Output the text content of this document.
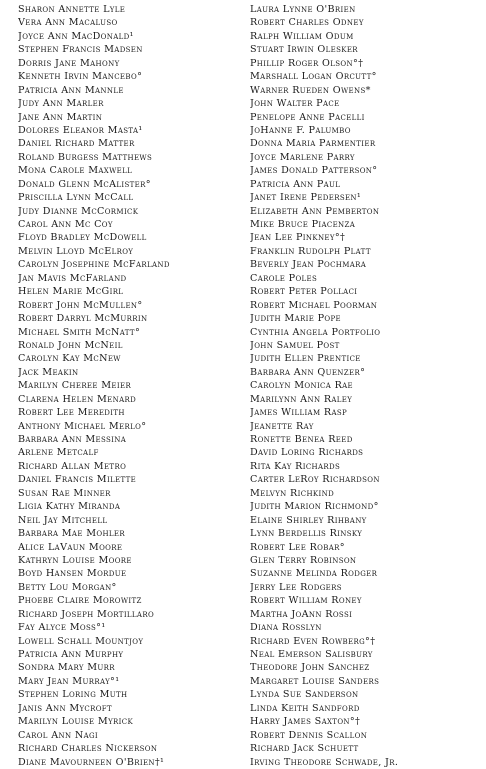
Sharon Annette Lyle
Vera Ann Macaluso
Joyce Ann MacDonald¹
Stephen Francis Madsen
Dorris Jane Mahony
Kenneth Irvin Mancebo°
Patricia Ann Mannle
Judy Ann Marler
Jane Ann Martin
Dolores Eleanor Masta¹
Daniel Richard Matter
Roland Burgess Matthews
Mona Carole Maxwell
Donald Glenn McAlister°
Priscilla Lynn McCall
Judy Dianne McCormick
Carol Ann Mc Coy
Floyd Bradley McDowell
Melvin Lloyd McElroy
Carolyn Josephine McFarland
Jan Mavis McFarland
Helen Marie McGirl
Robert John McMullen°
Robert Darryl McMurrin
Michael Smith McNatt°
Ronald John McNeil
Carolyn Kay McNew
Jack Meakin
Marilyn Cheree Meier
Clarena Helen Menard
Robert Lee Meredith
Anthony Michael Merlo°
Barbara Ann Messina
Arlene Metcalf
Richard Allan Metro
Daniel Francis Milette
Susan Rae Minner
Ligia Kathy Miranda
Neil Jay Mitchell
Barbara Mae Mohler
Alice LaVaun Moore
Kathryn Louise Moore
Boyd Hansen Mordue
Betty Lou Morgan°
Phoebe Claire Morowitz
Richard Joseph Mortillaro
Fay Alyce Moss°¹
Lowell Schall Mountjoy
Patricia Ann Murphy
Sondra Mary Murr
Mary Jean Murray°¹
Stephen Loring Muth
Janis Ann Mycroft
Marilyn Louise Myrick
Carol Ann Nagi
Richard Charles Nickerson
Diane Mavourneen O'Brien†¹
Laura Lynne O'Brien
Robert Charles Odney
Ralph William Odum
Stuart Irwin Olesker
Phillip Roger Olson°†
Marshall Logan Orcutt°
Warner Rueden Owens*
John Walter Pace
Penelope Anne Pacelli
JoHanne F. Palumbo
Donna Maria Parmentier
Joyce Marlene Parry
James Donald Patterson°
Patricia Ann Paul
Janet Irene Pedersen¹
Elizabeth Ann Pemberton
Mike Bruce Piacenza
Jean Lee Pinkney°†
Franklin Rudolph Platt
Beverly Jean Pochmara
Carole Poles
Robert Peter Pollaci
Robert Michael Poorman
Judith Marie Pope
Cynthia Angela Portfolio
John Samuel Post
Judith Ellen Prentice
Barbara Ann Quenzer°
Carolyn Monica Rae
Marilynn Ann Raley
James William Rasp
Jeanette Ray
Ronette Benea Reed
David Loring Richards
Rita Kay Richards
Carter LeRoy Richardson
Melvyn Richkind
Judith Marion Richmond°
Elaine Shirley Rihbany
Lynn Berdellis Rinsky
Robert Lee Robar°
Glen Terry Robinson
Suzanne Melinda Rodger
Jerry Lee Rodgers
Robert William Roney
Martha JoAnn Rossi
Diana Rosslyn
Richard Even Rowberg°†
Neal Emerson Salisbury
Theodore John Sanchez
Margaret Louise Sanders
Lynda Sue Sanderson
Linda Keith Sandford
Harry James Saxton°†
Robert Dennis Scallon
Richard Jack Schuett
Irving Theodore Schwade, Jr.
